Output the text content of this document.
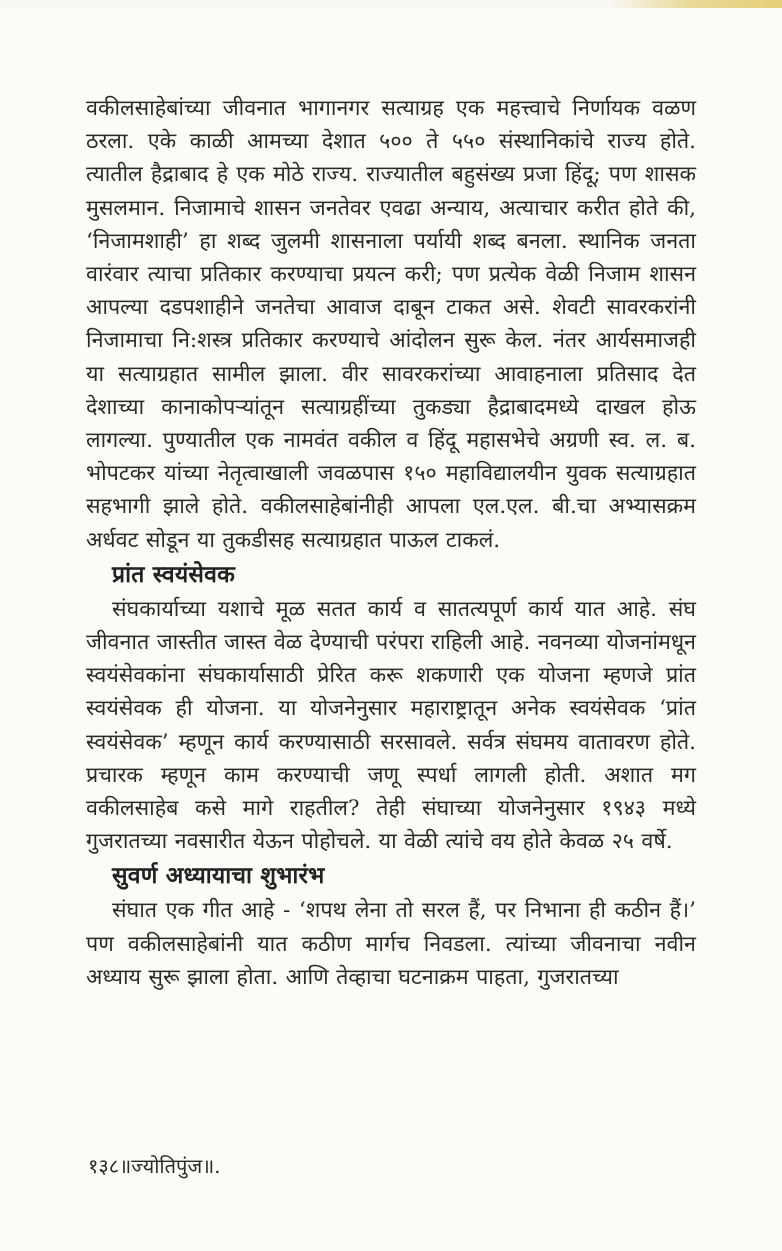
वकीलसाहेबांच्या जीवनात भागानगर सत्याग्रह एक महत्त्वाचे निर्णायक वळण ठरला. एके काळी आमच्या देशात ५०० ते ५५० संस्थानिकांचे राज्य होते. त्यातील हैद्राबाद हे एक मोठे राज्य. राज्यातील बहुसंख्य प्रजा हिंदू; पण शासक मुसलमान. निजामाचे शासन जनतेवर एवढा अन्याय, अत्याचार करीत होते की, ‘निजामशाही’ हा शब्द जुलमी शासनाला पर्यायी शब्द बनला. स्थानिक जनता वारंवार त्याचा प्रतिकार करण्याचा प्रयत्न करी; पण प्रत्येक वेळी निजाम शासन आपल्या दडपशाहीने जनतेचा आवाज दाबून टाकत असे. शेवटी सावरकरांनी निजामाचा नि:शस्त्र प्रतिकार करण्याचे आंदोलन सुरू केल. नंतर आर्यसमाजही या सत्याग्रहात सामील झाला. वीर सावरकरांच्या आवाहनाला प्रतिसाद देत देशाच्या कानाकोपऱ्यांतून सत्याग्रहींच्या तुकड्या हैद्राबादमध्ये दाखल होऊ लागल्या. पुण्यातील एक नामवंत वकील व हिंदू महासभेचे अग्रणी स्व. ल. ब. भोपटकर यांच्या नेतृत्वाखाली जवळपास १५० महाविद्यालयीन युवक सत्याग्रहात सहभागी झाले होते. वकीलसाहेबांनीही आपला एल.एल. बी.चा अभ्यासक्रम अर्धवट सोडून या तुकडीसह सत्याग्रहात पाऊल टाकलं.

प्रांत स्वयंसेवक

संघकार्याच्या यशाचे मूळ सतत कार्य व सातत्यपूर्ण कार्य यात आहे. संघ जीवनात जास्तीत जास्त वेळ देण्याची परंपरा राहिली आहे. नवनव्या योजनांमधून स्वयंसेवकांना संघकार्यासाठी प्रेरित करू शकणारी एक योजना म्हणजे प्रांत स्वयंसेवक ही योजना. या योजनेनुसार महाराष्ट्रातून अनेक स्वयंसेवक ‘प्रांत स्वयंसेवक’ म्हणून कार्य करण्यासाठी सरसावले. सर्वत्र संघमय वातावरण होते. प्रचारक म्हणून काम करण्याची जणू स्पर्धा लागली होती. अशात मग वकीलसाहेब कसे मागे राहतील? तेही संघाच्या योजनेनुसार १९४३ मध्ये गुजरातच्या नवसारीत येऊन पोहोचले. या वेळी त्यांचे वय होते केवळ २५ वर्षे.

सुवर्ण अध्यायाचा शुभारंभ

संघात एक गीत आहे - ‘शपथ लेना तो सरल हैं, पर निभाना ही कठीन हैं।’ पण वकीलसाहेबांनी यात कठीण मार्गच निवडला. त्यांच्या जीवनाचा नवीन अध्याय सुरू झाला होता. आणि तेव्हाचा घटनाक्रम पाहता, गुजरातच्या

१३८॥ज्योतिपुंज॥.
